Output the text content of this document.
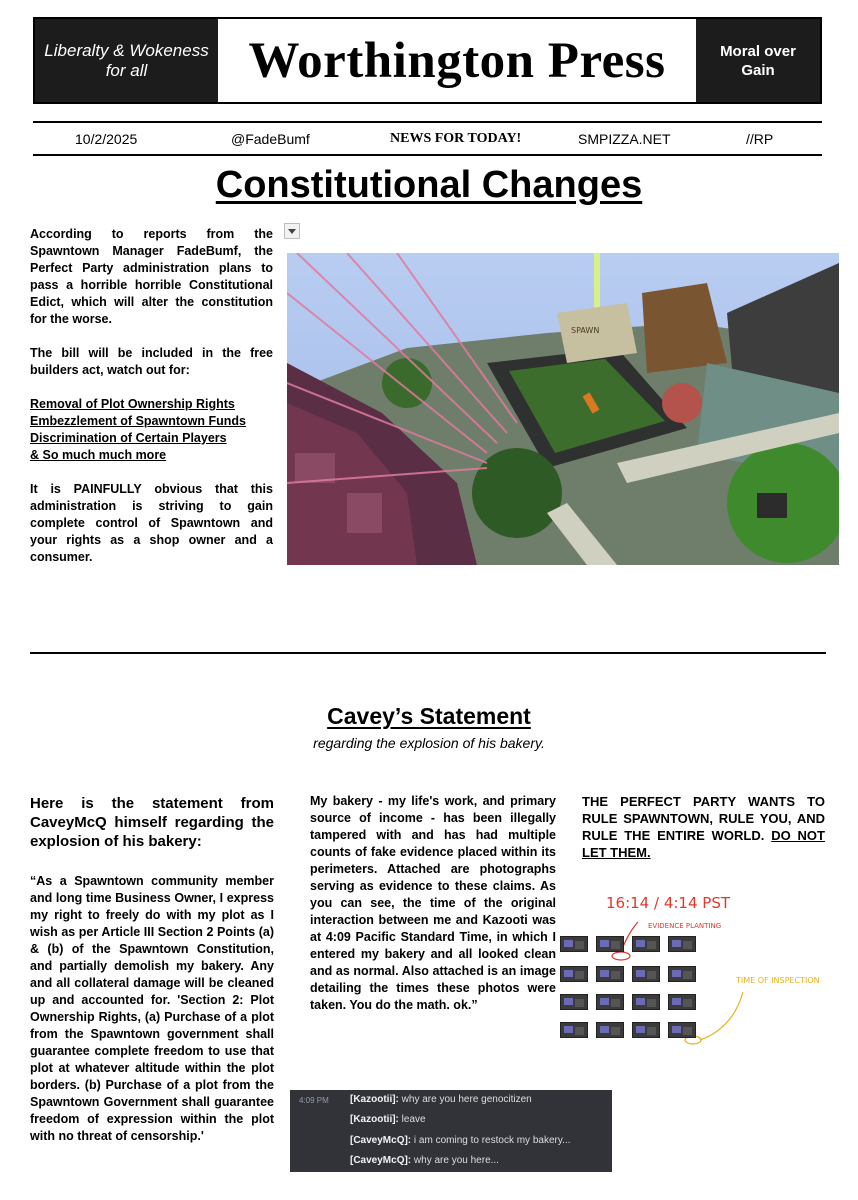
Liberalty & Wokeness for all	Worthington Press	Moral over Gain
10/2/2025	@FadeBumf	NEWS FOR TODAY!	SMPIZZA.NET	//RP
Constitutional Changes

According to reports from the Spawntown Manager FadeBumf, the Perfect Party administration plans to pass a horrible horrible Constitutional Edict, which will alter the constitution for the worse.

The bill will be included in the free builders act, watch out for:

Removal of Plot Ownership Rights
Embezzlement of Spawntown Funds
Discrimination of Certain Players
& So much much more

It is PAINFULLY obvious that this administration is striving to gain complete control of Spawntown and your rights as a shop owner and a consumer.

SPAWN
Cavey’s Statement
regarding the explosion of his bakery.
Here is the statement from CaveyMcQ himself regarding the explosion of his bakery:
“As a Spawntown community member and long time Business Owner, I express my right to freely do with my plot as I wish as per Article III Section 2 Points (a) & (b) of the Spawntown Constitution, and partially demolish my bakery. Any and all collateral damage will be cleaned up and accounted for. 'Section 2: Plot Ownership Rights, (a) Purchase of a plot from the Spawntown government shall guarantee complete freedom to use that plot at whatever altitude within the plot borders. (b) Purchase of a plot from the Spawntown Government shall guarantee freedom of expression within the plot with no threat of censorship.'
My bakery - my life's work, and primary source of income - has been illegally tampered with and has had multiple counts of fake evidence placed within its perimeters. Attached are photographs serving as evidence to these claims. As you can see, the time of the original interaction between me and Kazooti was at 4:09 Pacific Standard Time, in which I entered my bakery and all looked clean and as normal. Also attached is an image detailing the times these photos were taken. You do the math. ok.”
THE PERFECT PARTY WANTS TO RULE SPAWNTOWN, RULE YOU, AND RULE THE ENTIRE WORLD. DO NOT LET THEM.
16:14 / 4:14 PST
EVIDENCE PLANTING
TIME OF INSPECTION
4:09 PM [Kazootii]: why are you here genocitizen
[Kazootii]: leave
[CaveyMcQ]: i am coming to restock my bakery...
[CaveyMcQ]: why are you here...
